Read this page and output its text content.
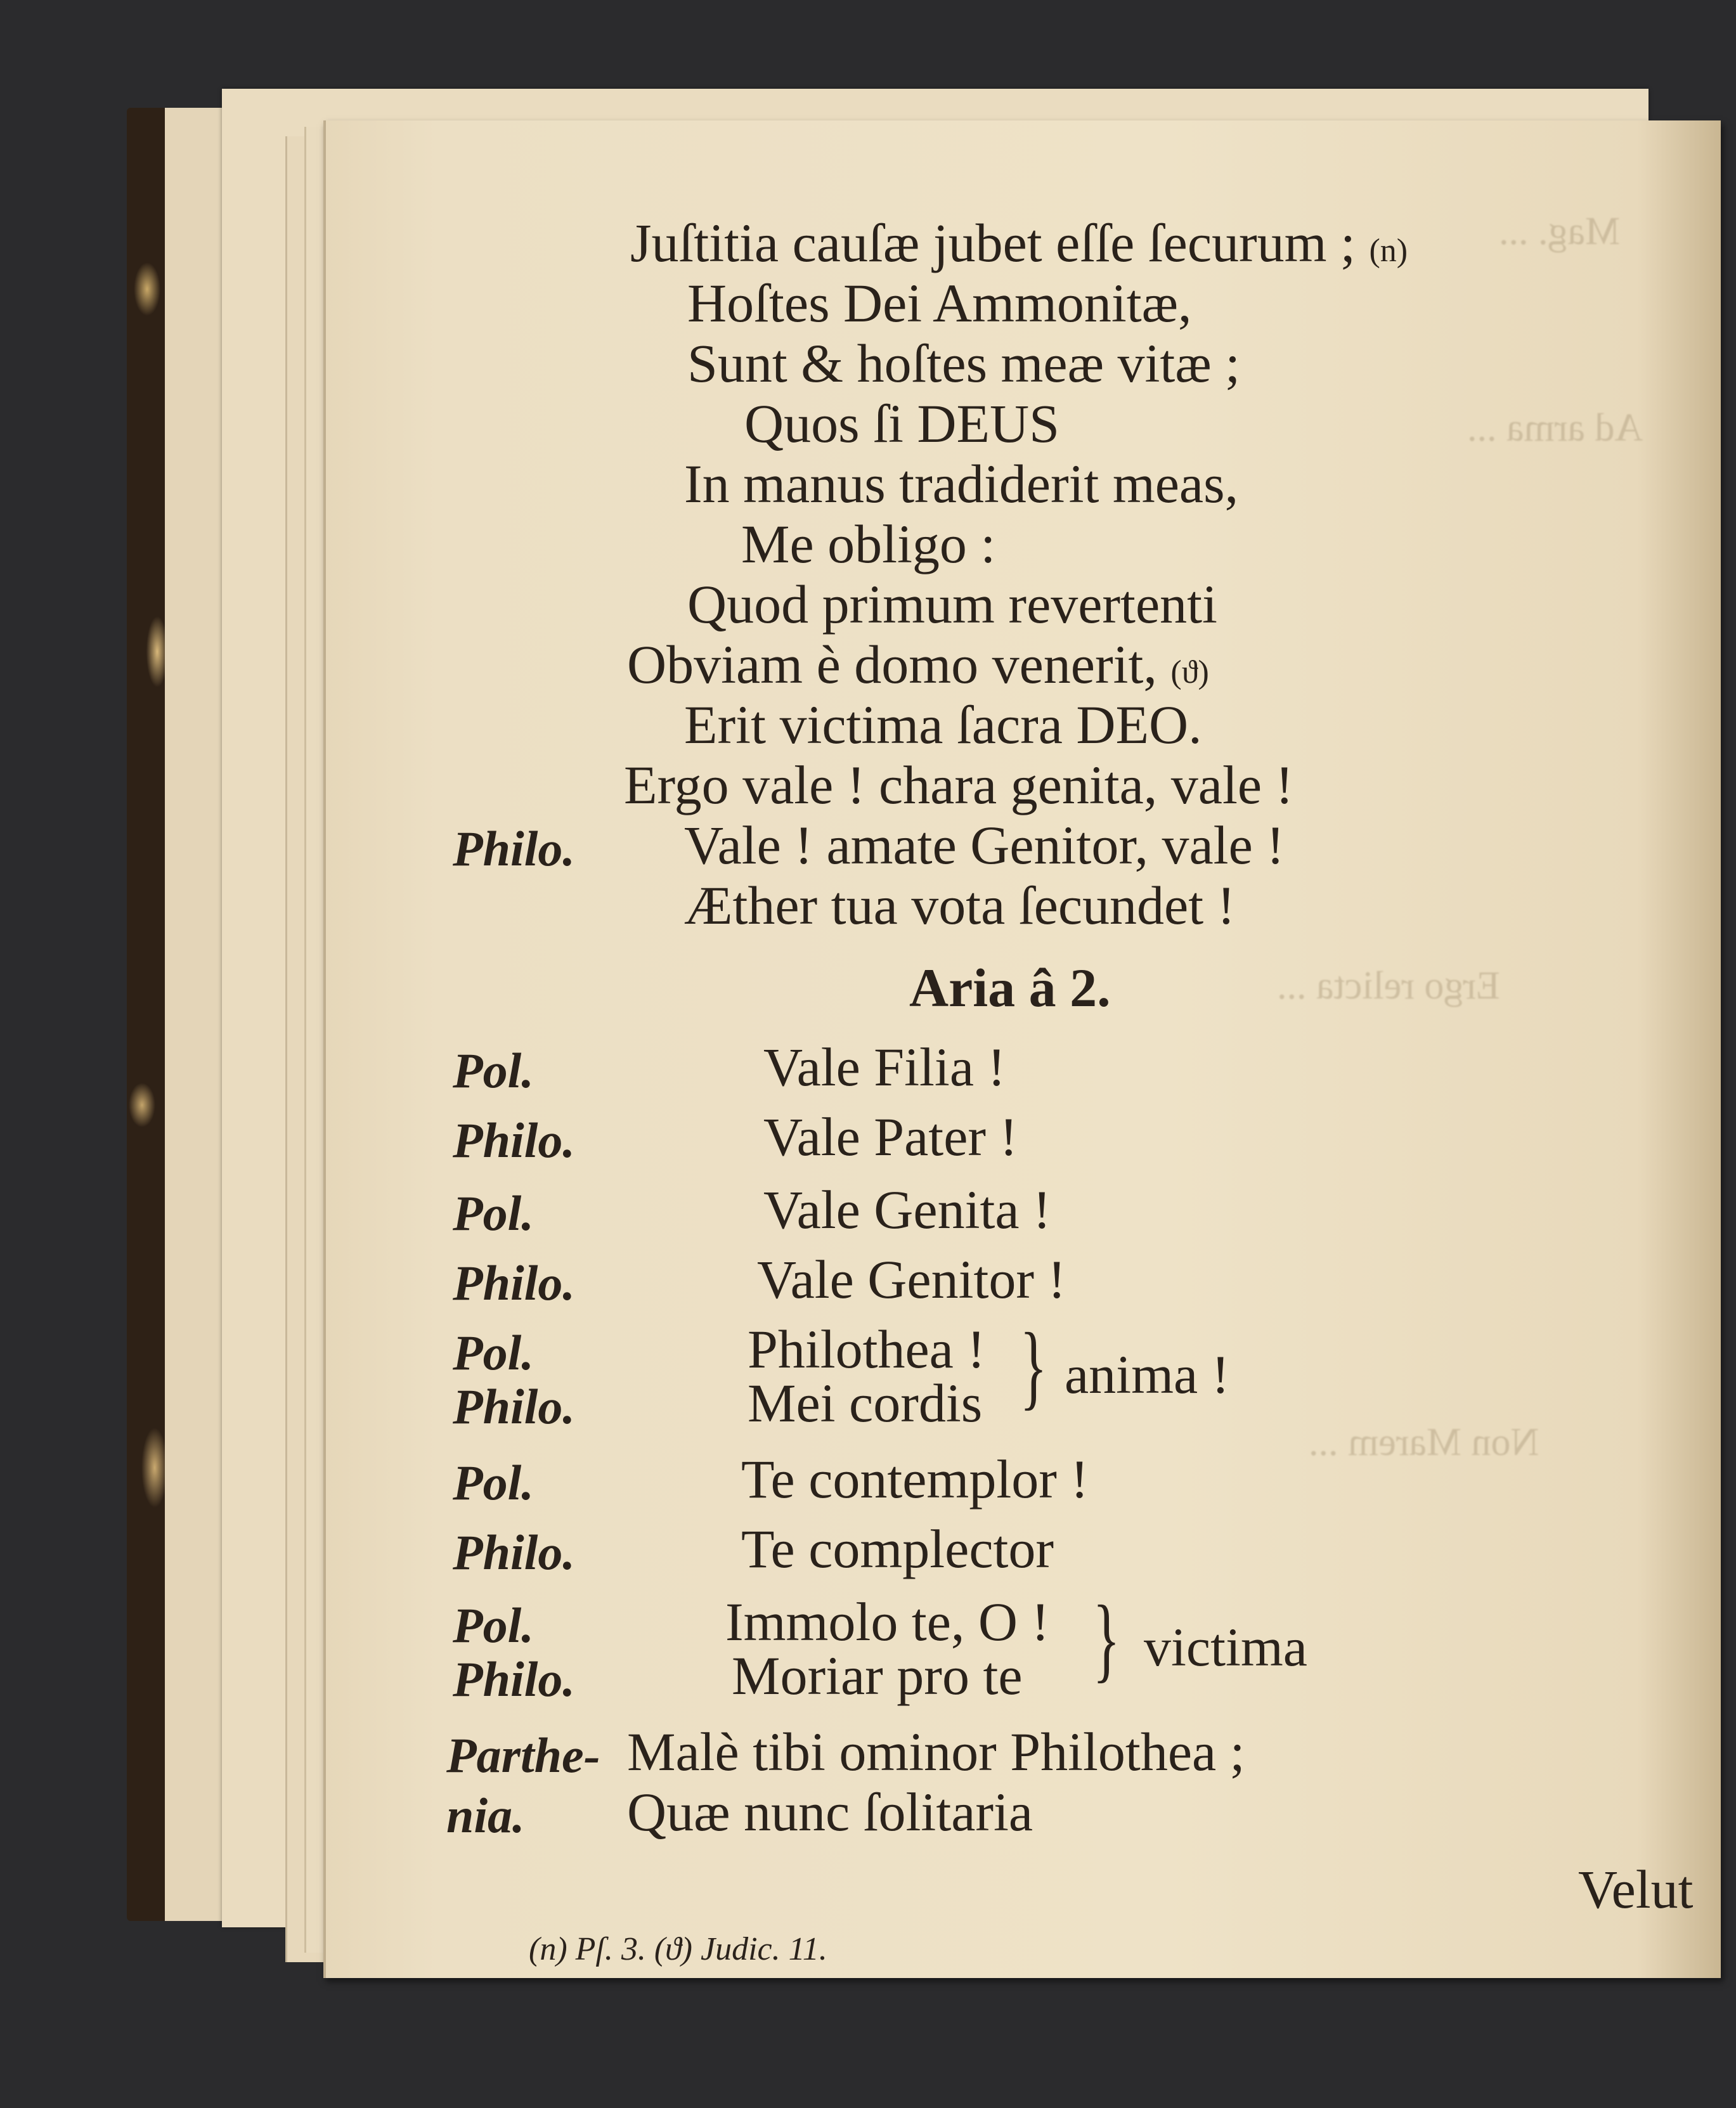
Mag. ...
Ad arma ...
Ergo relicta ...
Non Marem ...
Juſtitia cauſæ jubet eſſe ſecurum ; (n)
Hoſtes Dei Ammonitæ,
Sunt & hoſtes meæ vitæ ;
Quos ſi DEUS
In manus tradiderit meas,
Me obligo :
Quod primum revertenti
Obviam è domo venerit, (ϑ)
Erit victima ſacra DEO.
Ergo vale ! chara genita, vale !
Philo. Vale ! amate Genitor, vale !
Æther tua vota ſecundet !
Aria â 2.
Pol.	Vale Filia !
Philo.	Vale Pater !
Pol.	Vale Genita !
Philo.	Vale Genitor !
Pol.	Philothea !
Philo.	Mei cordis } anima !
Pol.	Te contemplor !
Philo.	Te complector
Pol.	Immolo te, O !
Philo.	Moriar pro te } victima
Parthe- Malè tibi ominor Philothea ;
nia. Quæ nunc ſolitaria
Velut
(n) Pſ. 3. (ϑ) Judic. 11.
